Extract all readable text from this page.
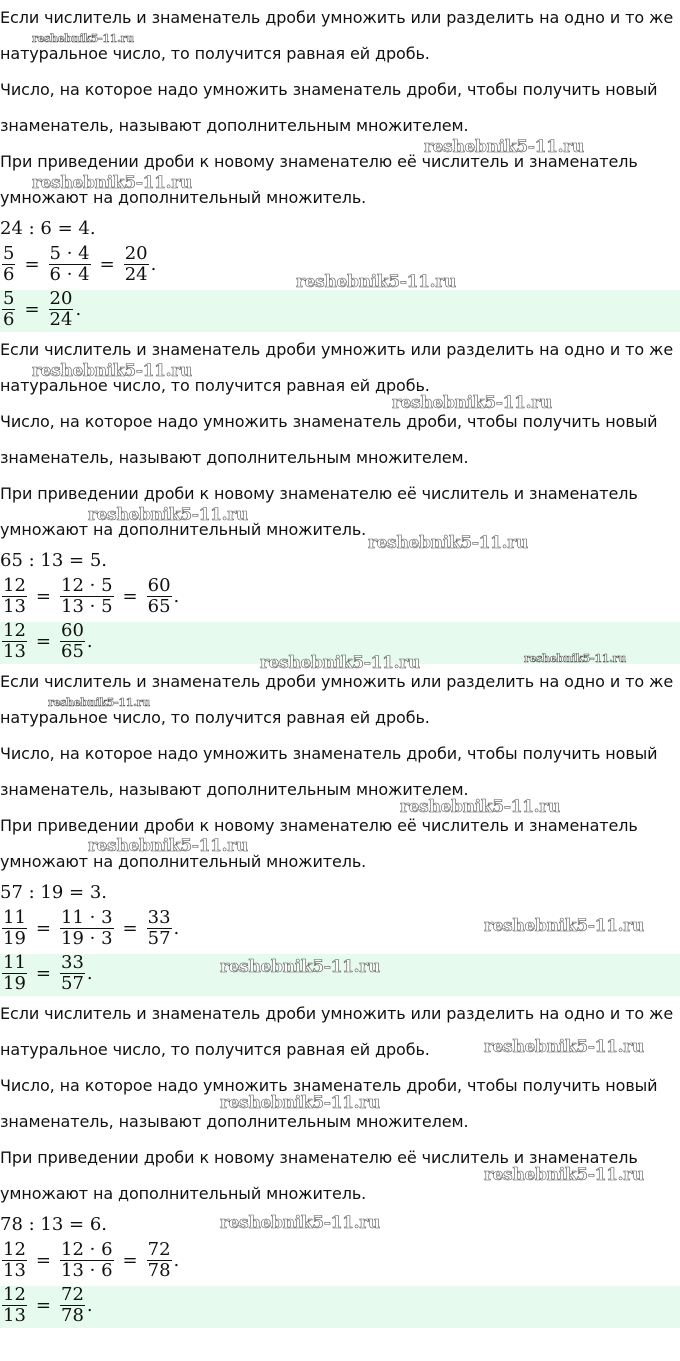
Если числитель и знаменатель дроби умножить или разделить на одно и то же
натуральное число, то получится равная ей дробь.
Число, на которое надо умножить знаменатель дроби, чтобы получить новый
знаменатель, называют дополнительным множителем.
При приведении дроби к новому знаменателю её числитель и знаменатель
умножают на дополнительный множитель.
24 : 6 = 4.
$\frac{5}{6} = \frac{5 \cdot 4}{6 \cdot 4} = \frac{20}{24}$ .
$\frac{5}{6} = \frac{20}{24}$ .
Если числитель и знаменатель дроби умножить или разделить на одно и то же
натуральное число, то получится равная ей дробь.
Число, на которое надо умножить знаменатель дроби, чтобы получить новый
знаменатель, называют дополнительным множителем.
При приведении дроби к новому знаменателю её числитель и знаменатель
умножают на дополнительный множитель.
65 : 13 = 5.
$\frac{12}{13} = \frac{12 \cdot 5}{13 \cdot 5} = \frac{60}{65}$ .
$\frac{12}{13} = \frac{60}{65}$ .
Если числитель и знаменатель дроби умножить или разделить на одно и то же
натуральное число, то получится равная ей дробь.
Число, на которое надо умножить знаменатель дроби, чтобы получить новый
знаменатель, называют дополнительным множителем.
При приведении дроби к новому знаменателю её числитель и знаменатель
умножают на дополнительный множитель.
57 : 19 = 3.
$\frac{11}{19} = \frac{11 \cdot 3}{19 \cdot 3} = \frac{33}{57}$ .
$\frac{11}{19} = \frac{33}{57}$ .
Если числитель и знаменатель дроби умножить или разделить на одно и то же
натуральное число, то получится равная ей дробь.
Число, на которое надо умножить знаменатель дроби, чтобы получить новый
знаменатель, называют дополнительным множителем.
При приведении дроби к новому знаменателю её числитель и знаменатель
умножают на дополнительный множитель.
78 : 13 = 6.
$\frac{12}{13} = \frac{12 \cdot 6}{13 \cdot 6} = \frac{72}{78}$ .
$\frac{12}{13} = \frac{72}{78}$ .
reshebnik5-11.ru
reshebnik5-11.ru
reshebnik5-11.ru
reshebnik5-11.ru
reshebnik5-11.ru
reshebnik5-11.ru
reshebnik5-11.ru
reshebnik5-11.ru
reshebnik5-11.ru	reshebnik5-11.ru
reshebnik5-11.ru
reshebnik5-11.ru
reshebnik5-11.ru
reshebnik5-11.ru
reshebnik5-11.ru
reshebnik5-11.ru
reshebnik5-11.ru
reshebnik5-11.ru
reshebnik5-11.ru
